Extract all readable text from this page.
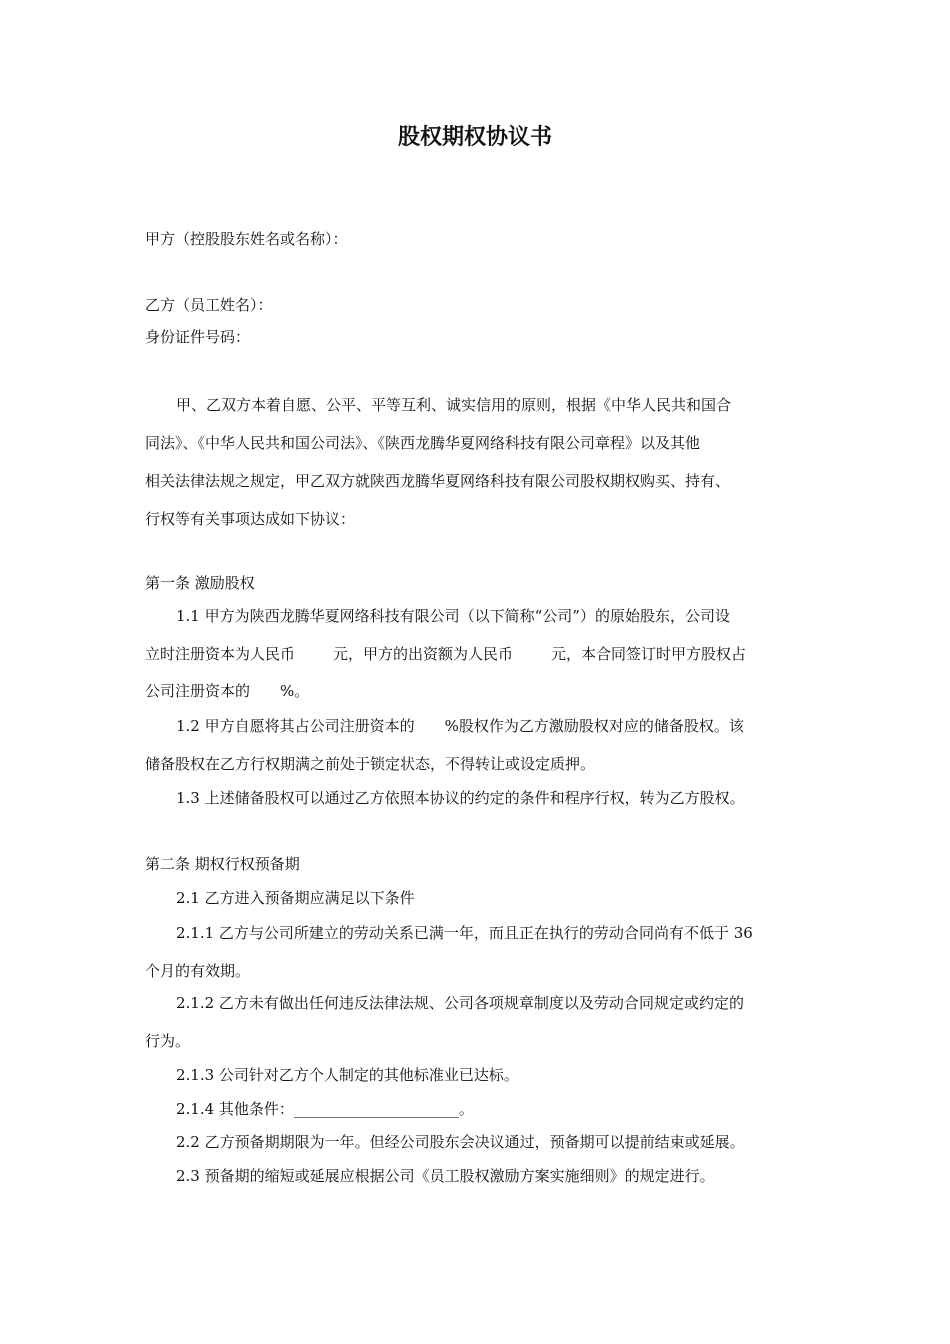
股权期权协议书
甲方（控股股东姓名或名称）：
乙方（员工姓名）：
身份证件号码：
甲、乙双方本着自愿、公平、平等互利、诚实信用的原则，根据《中华人民共和国合
同法》、《中华人民共和国公司法》、《陕西龙腾华夏网络科技有限公司章程》以及其他
相关法律法规之规定，甲乙双方就陕西龙腾华夏网络科技有限公司股权期权购买、持有、
行权等有关事项达成如下协议：
第一条 激励股权
1.1 甲方为陕西龙腾华夏网络科技有限公司（以下简称“公司”）的原始股东，公司设
立时注册资本为人民币	元，甲方的出资额为人民币	元，本合同签订时甲方股权占
公司注册资本的 %。
1.2 甲方自愿将其占公司注册资本的 %股权作为乙方激励股权对应的储备股权。该
储备股权在乙方行权期满之前处于锁定状态，不得转让或设定质押。
1.3 上述储备股权可以通过乙方依照本协议的约定的条件和程序行权，转为乙方股权。
第二条 期权行权预备期
2.1 乙方进入预备期应满足以下条件
2.1.1 乙方与公司所建立的劳动关系已满一年，而且正在执行的劳动合同尚有不低于 36
个月的有效期。
2.1.2 乙方未有做出任何违反法律法规、公司各项规章制度以及劳动合同规定或约定的
行为。
2.1.3 公司针对乙方个人制定的其他标准业已达标。
2.1.4 其他条件：______________________。
2.2 乙方预备期期限为一年。但经公司股东会决议通过，预备期可以提前结束或延展。
2.3 预备期的缩短或延展应根据公司《员工股权激励方案实施细则》的规定进行。
